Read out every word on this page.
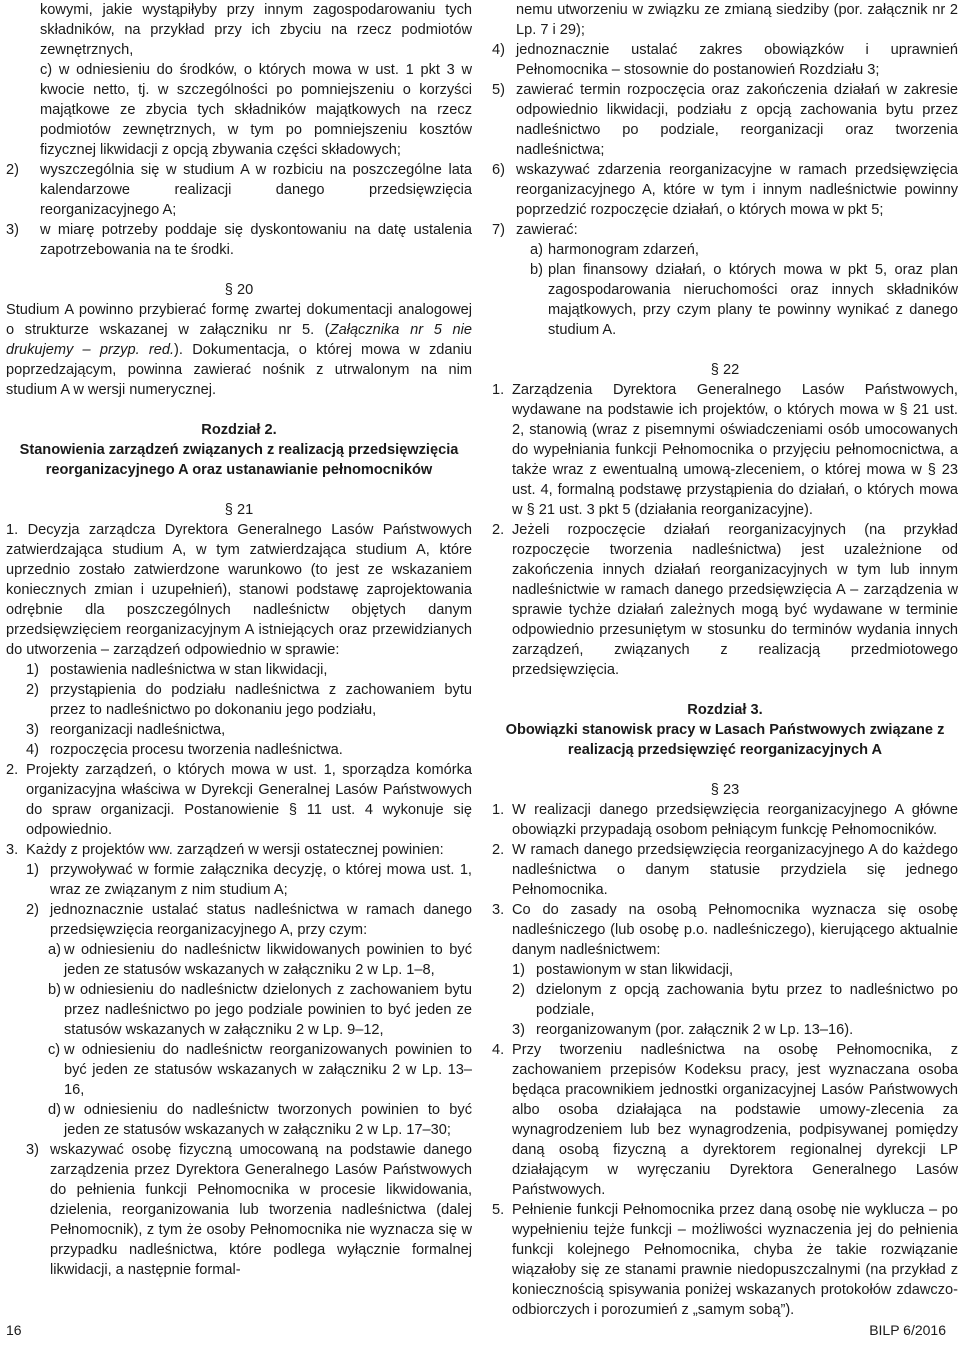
kowymi, jakie wystąpiłyby przy innym zagospodarowaniu tych składników, na przykład przy ich zbyciu na rzecz podmiotów zewnętrznych,

c) w odniesieniu do środków, o których mowa w ust. 1 pkt 3 w kwocie netto, tj. w szczególności po pomniejszeniu o korzyści majątkowe ze zbycia tych składników majątkowych na rzecz podmiotów zewnętrznych, w tym po pomniejszeniu kosztów fizycznej likwidacji z opcją zbywania części składowych;
2) wyszczególnia się w studium A w rozbiciu na poszczególne lata kalendarzowe realizacji danego przedsięwzięcia reorganizacyjnego A;
3) w miarę potrzeby poddaje się dyskontowaniu na datę ustalenia zapotrzebowania na te środki.

§ 20

Studium A powinno przybierać formę zwartej dokumentacji analogowej o strukturze wskazanej w załączniku nr 5. (Załącznika nr 5 nie drukujemy – przyp. red.). Dokumentacja, o której mowa w zdaniu poprzedzającym, powinna zawierać nośnik z utrwalonym na nim studium A w wersji numerycznej.

Rozdział 2.

Stanowienia zarządzeń związanych z realizacją przedsięwzięcia reorganizacyjnego A oraz ustanawianie pełnomocników

§ 21

1. Decyzja zarządcza Dyrektora Generalnego Lasów Państwowych zatwierdzająca studium A, w tym zatwierdzająca studium A, które uprzednio zostało zatwierdzone warunkowo (to jest ze wskazaniem koniecznych zmian i uzupełnień), stanowi podstawę zaprojektowania odrębnie dla poszczególnych nadleśnictw objętych danym przedsięwzięciem reorganizacyjnym A istniejących oraz przewidzianych do utworzenia – zarządzeń odpowiednio w sprawie:

1) postawienia nadleśnictwa w stan likwidacji,
2) przystąpienia do podziału nadleśnictwa z zachowaniem bytu przez to nadleśnictwo po dokonaniu jego podziału,
3) reorganizacji nadleśnictwa,
4) rozpoczęcia procesu tworzenia nadleśnictwa.
2. Projekty zarządzeń, o których mowa w ust. 1, sporządza komórka organizacyjna właściwa w Dyrekcji Generalnej Lasów Państwowych do spraw organizacji. Postanowienie § 11 ust. 4 wykonuje się odpowiednio.
3. Każdy z projektów ww. zarządzeń w wersji ostatecznej powinien:
1) przywoływać w formie załącznika decyzję, o której mowa ust. 1, wraz ze związanym z nim studium A;
2) jednoznacznie ustalać status nadleśnictwa w ramach danego przedsięwzięcia reorganizacyjnego A, przy czym:
a) w odniesieniu do nadleśnictw likwidowanych powinien to być jeden ze statusów wskazanych w załączniku 2 w Lp. 1–8,
b) w odniesieniu do nadleśnictw dzielonych z zachowaniem bytu przez nadleśnictwo po jego podziale powinien to być jeden ze statusów wskazanych w załączniku 2 w Lp. 9–12,
c) w odniesieniu do nadleśnictw reorganizowanych powinien to być jeden ze statusów wskazanych w załączniku 2 w Lp. 13–16,
d) w odniesieniu do nadleśnictw tworzonych powinien to być jeden ze statusów wskazanych w załączniku 2 w Lp. 17–30;
3) wskazywać osobę fizyczną umocowaną na podstawie danego zarządzenia przez Dyrektora Generalnego Lasów Państwowych do pełnienia funkcji Pełnomocnika w procesie likwidowania, dzielenia, reorganizowania lub tworzenia nadleśnictwa (dalej Pełnomocnik), z tym że osoby Pełnomocnika nie wyznacza się w przypadku nadleśnictwa, które podlega wyłącznie formalnej likwidacji, a następnie formal-

nemu utworzeniu w związku ze zmianą siedziby (por. załącznik nr 2 Lp. 7 i 29);

4) jednoznacznie ustalać zakres obowiązków i uprawnień Pełnomocnika – stosownie do postanowień Rozdziału 3;
5) zawierać termin rozpoczęcia oraz zakończenia działań w zakresie odpowiednio likwidacji, podziału z opcją zachowania bytu przez nadleśnictwo po podziale, reorganizacji oraz tworzenia nadleśnictwa;
6) wskazywać zdarzenia reorganizacyjne w ramach przedsięwzięcia reorganizacyjnego A, które w tym i innym nadleśnictwie powinny poprzedzić rozpoczęcie działań, o których mowa w pkt 5;
7) zawierać:
a) harmonogram zdarzeń,
b) plan finansowy działań, o których mowa w pkt 5, oraz plan zagospodarowania nieruchomości oraz innych składników majątkowych, przy czym plany te powinny wynikać z danego studium A.

§ 22

1. Zarządzenia Dyrektora Generalnego Lasów Państwowych, wydawane na podstawie ich projektów, o których mowa w § 21 ust. 2, stanowią (wraz z pisemnymi oświadczeniami osób umocowanych do wypełniania funkcji Pełnomocnika o przyjęciu pełnomocnictwa, a także wraz z ewentualną umową-zleceniem, o której mowa w § 23 ust. 4, formalną podstawę przystąpienia do działań, o których mowa w § 21 ust. 3 pkt 5 (działania reorganizacyjne).
2. Jeżeli rozpoczęcie działań reorganizacyjnych (na przykład rozpoczęcie tworzenia nadleśnictwa) jest uzależnione od zakończenia innych działań reorganizacyjnych w tym lub innym nadleśnictwie w ramach danego przedsięwzięcia A – zarządzenia w sprawie tychże działań zależnych mogą być wydawane w terminie odpowiednio przesuniętym w stosunku do terminów wydania innych zarządzeń, związanych z realizacją przedmiotowego przedsięwzięcia.

Rozdział 3.

Obowiązki stanowisk pracy w Lasach Państwowych związane z realizacją przedsięwzięć reorganizacyjnych A

§ 23

1. W realizacji danego przedsięwzięcia reorganizacyjnego A główne obowiązki przypadają osobom pełniącym funkcję Pełnomocników.
2. W ramach danego przedsięwzięcia reorganizacyjnego A do każdego nadleśnictwa o danym statusie przydziela się jednego Pełnomocnika.
3. Co do zasady na osobą Pełnomocnika wyznacza się osobę nadleśniczego (lub osobę p.o. nadleśniczego), kierującego aktualnie danym nadleśnictwem:
1) postawionym w stan likwidacji,
2) dzielonym z opcją zachowania bytu przez to nadleśnictwo po podziale,
3) reorganizowanym (por. załącznik 2 w Lp. 13–16).
4. Przy tworzeniu nadleśnictwa na osobę Pełnomocnika, z zachowaniem przepisów Kodeksu pracy, jest wyznaczana osoba będąca pracownikiem jednostki organizacyjnej Lasów Państwowych albo osoba działająca na podstawie umowy-zlecenia za wynagrodzeniem lub bez wynagrodzenia, podpisywanej pomiędzy daną osobą fizyczną a dyrektorem regionalnej dyrekcji LP działającym w wyręczaniu Dyrektora Generalnego Lasów Państwowych.
5. Pełnienie funkcji Pełnomocnika przez daną osobę nie wyklucza – po wypełnieniu tejże funkcji – możliwości wyznaczenia jej do pełnienia funkcji kolejnego Pełnomocnika, chyba że takie rozwiązanie wiązałoby się ze stanami prawnie niedopuszczalnymi (na przykład z koniecznością spisywania poniżej wskazanych protokołów zdawczo-odbiorczych i porozumień z „samym sobą”).
16	BILP 6/2016
